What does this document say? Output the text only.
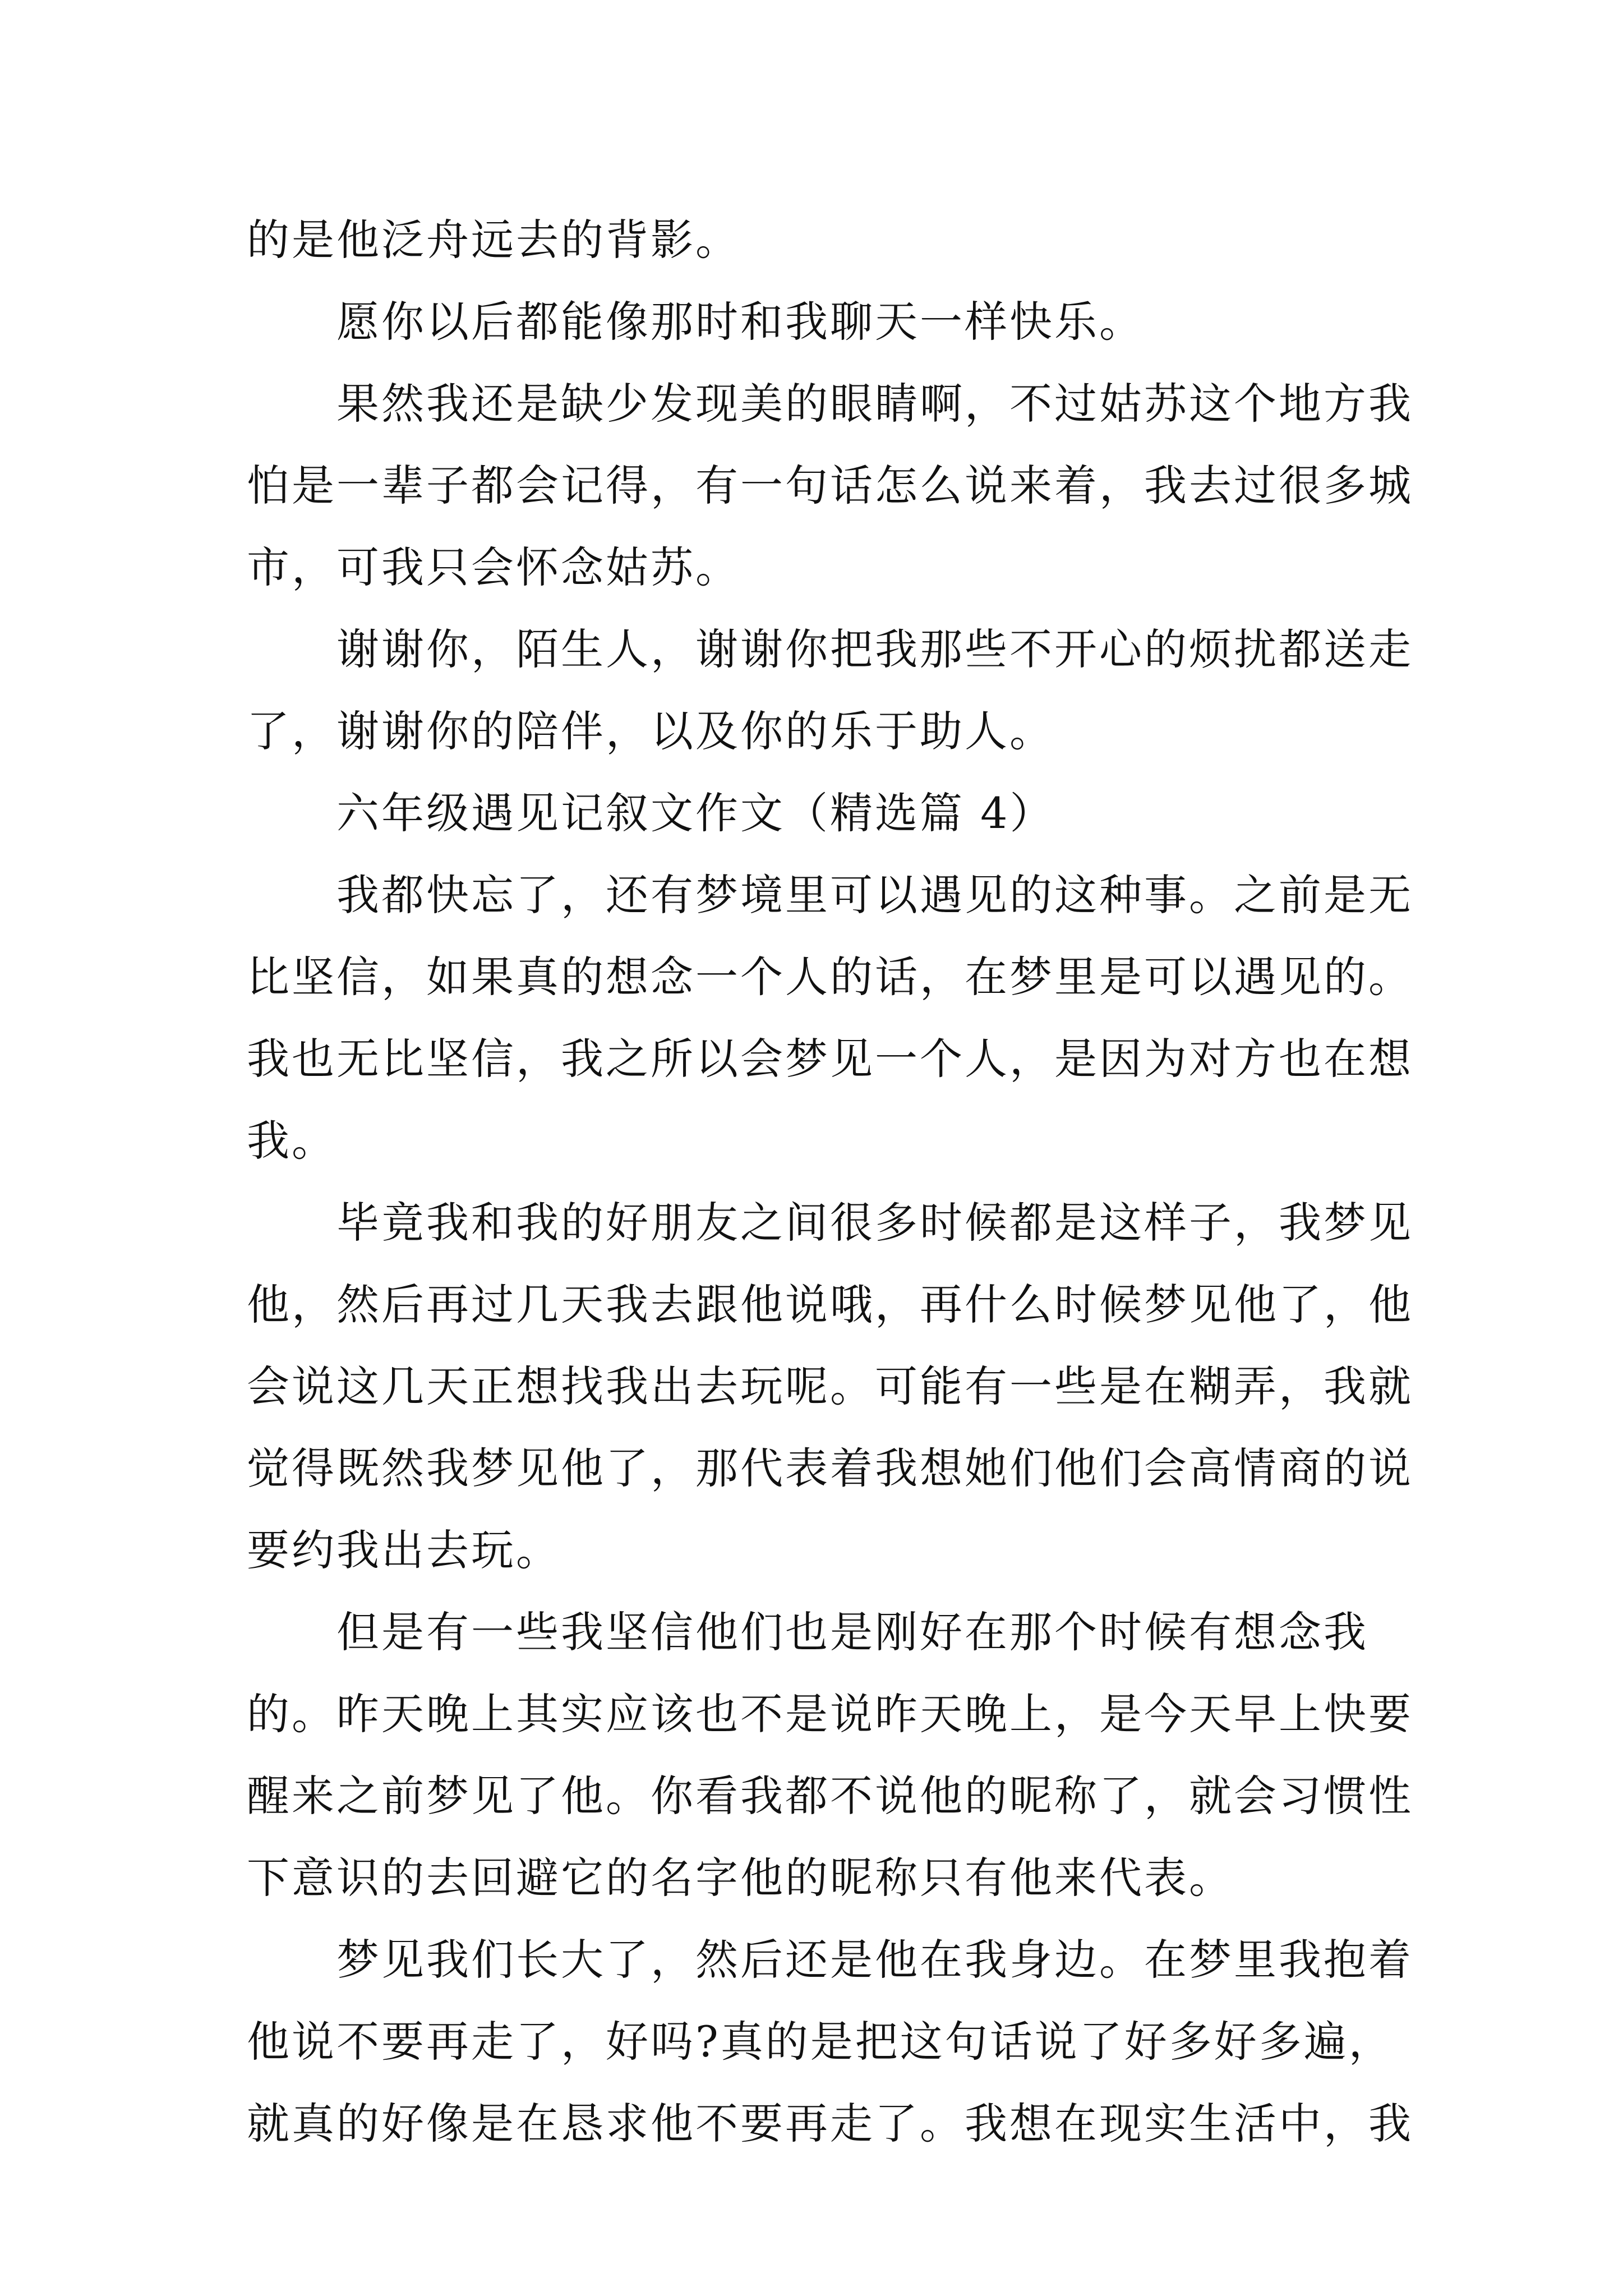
的是他泛舟远去的背影。
愿你以后都能像那时和我聊天一样快乐。
果然我还是缺少发现美的眼睛啊，不过姑苏这个地方我
怕是一辈子都会记得，有一句话怎么说来着，我去过很多城
市，可我只会怀念姑苏。
谢谢你，陌生人，谢谢你把我那些不开心的烦扰都送走
了，谢谢你的陪伴，以及你的乐于助人。
六年级遇见记叙文作文（精选篇 4）
我都快忘了，还有梦境里可以遇见的这种事。之前是无
比坚信，如果真的想念一个人的话，在梦里是可以遇见的。
我也无比坚信，我之所以会梦见一个人，是因为对方也在想
我。
毕竟我和我的好朋友之间很多时候都是这样子，我梦见
他，然后再过几天我去跟他说哦，再什么时候梦见他了，他
会说这几天正想找我出去玩呢。可能有一些是在糊弄，我就
觉得既然我梦见他了，那代表着我想她们他们会高情商的说
要约我出去玩。
但是有一些我坚信他们也是刚好在那个时候有想念我
的。昨天晚上其实应该也不是说昨天晚上，是今天早上快要
醒来之前梦见了他。你看我都不说他的昵称了，就会习惯性
下意识的去回避它的名字他的昵称只有他来代表。
梦见我们长大了，然后还是他在我身边。在梦里我抱着
他说不要再走了，好吗?真的是把这句话说了好多好多遍，
就真的好像是在恳求他不要再走了。我想在现实生活中，我
